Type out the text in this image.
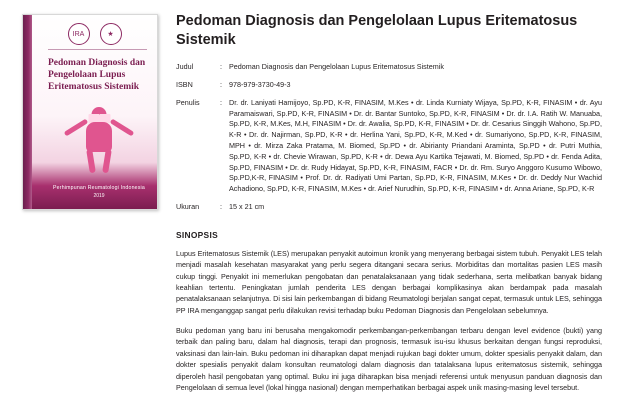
IRA	★
Pedoman Diagnosis dan Pengelolaan Lupus Eritematosus Sistemik
Perhimpunan Reumatologi Indonesia
2019
Pedoman Diagnosis dan Pengelolaan Lupus Eritematosus Sistemik
Judul	:	Pedoman Diagnosis dan Pengelolaan Lupus Eritematosus Sistemik
ISBN	:	978-979-3730-49-3
Penulis	:	Dr. dr. Laniyati Hamijoyo, Sp.PD, K-R, FINASIM, M.Kes • dr. Linda Kurniaty Wijaya, Sp.PD, K-R, FINASIM • dr. Ayu Paramaiswari, Sp.PD, K-R, FINASIM • Dr. dr. Bantar Suntoko, Sp.PD, K-R, FINASIM • Dr. dr. I.A. Ratih W. Manuaba, Sp.PD, K-R, M.Kes, M.H, FINASIM • Dr. dr. Awalia, Sp.PD, K-R, FINASIM • Dr. dr. Cesarius Singgih Wahono, Sp.PD, K-R • Dr. dr. Najirman, Sp.PD, K-R • dr. Herlina Yani, Sp.PD, K-R, M.Ked • dr. Sumariyono, Sp.PD, K-R, FINASIM, MPH • dr. Mirza Zaka Pratama, M. Biomed, Sp.PD • dr. Abirianty Priandani Araminta, Sp.PD • dr. Putri Muthia, Sp.PD, K-R • dr. Chevie Wirawan, Sp.PD, K-R • dr. Dewa Ayu Kartika Tejawati, M. Biomed, Sp.PD • dr. Fenda Adita, Sp.PD, FINASIM • Dr. dr. Rudy Hidayat, Sp.PD, K-R, FINASIM, FACR • Dr. dr. Rm. Suryo Anggoro Kusumo Wibowo, Sp.PD,K-R, FINASIM • Prof. Dr. dr. Radiyati Umi Partan, Sp.PD, K-R, FINASIM, M.Kes • Dr. dr. Deddy Nur Wachid Achadiono, Sp.PD, K-R, FINASIM, M.Kes • dr. Arief Nurudhin, Sp.PD, K-R, FINASIM • dr. Anna Ariane, Sp.PD, K-R
Ukuran	:	15 x 21 cm
SINOPSIS

Lupus Eritematosus Sistemik (LES) merupakan penyakit autoimun kronik yang menyerang berbagai sistem tubuh. Penyakit LES telah menjadi masalah kesehatan masyarakat yang perlu segera ditangani secara serius. Morbiditas dan mortalitas pasien LES masih cukup tinggi. Penyakit ini memerlukan pengobatan dan penatalaksanaan yang tidak sederhana, serta melibatkan banyak bidang keahlian tertentu. Peningkatan jumlah penderita LES dengan berbagai komplikasinya akan berdampak pada masalah penatalaksanaan selanjutnya. Di sisi lain perkembangan di bidang Reumatologi berjalan sangat cepat, termasuk untuk LES, sehingga PP IRA menganggap sangat perlu dilakukan revisi terhadap buku Pedoman Diagnosis dan Pengelolaan sebelumnya.

Buku pedoman yang baru ini berusaha mengakomodir perkembangan-perkembangan terbaru dengan level evidence (bukti) yang terbaik dan paling baru, dalam hal diagnosis, terapi dan prognosis, termasuk isu-isu khusus berkaitan dengan fungsi reproduksi, vaksinasi dan lain-lain. Buku pedoman ini diharapkan dapat menjadi rujukan bagi dokter umum, dokter spesialis penyakit dalam, dan dokter spesialis penyakit dalam konsultan reumatologi dalam diagnosis dan tatalaksana lupus eritematosus sistemik, sehingga diperoleh hasil pengobatan yang optimal. Buku ini juga diharapkan bisa menjadi referensi untuk menyusun panduan diagnosis dan Pengelolaan di semua level (lokal hingga nasional) dengan memperhatikan berbagai aspek unik masing-masing level tersebut.
